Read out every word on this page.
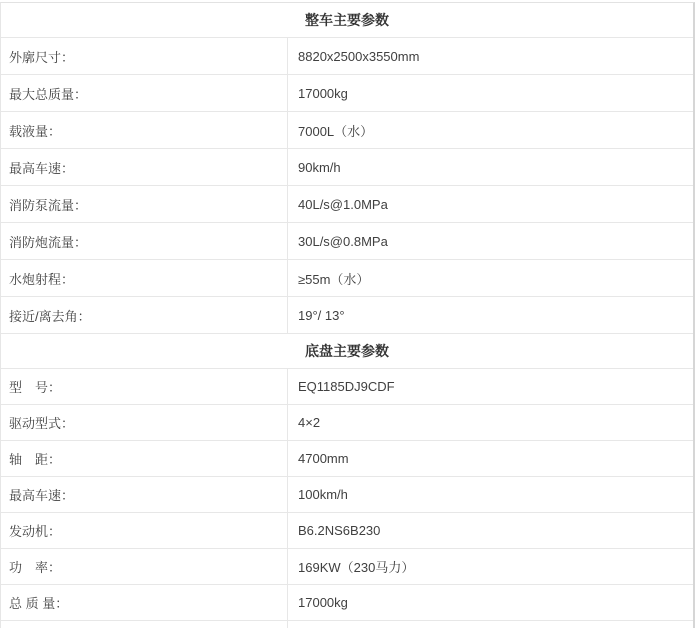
整车主要参数
外廓尺寸：	8820x2500x3550mm
最大总质量：	17000kg
载液量：	7000L（水）
最高车速：	90km/h
消防泵流量：	40L/s@1.0MPa
消防炮流量：	30L/s@0.8MPa
水炮射程：	≥55m（水）
接近/离去角：	19°/ 13°
底盘主要参数
型　号：	EQ1185DJ9CDF
驱动型式：	4×2
轴　距：	4700mm
最高车速：	100km/h
发动机：	B6.2NS6B230
功　率：	169KW（230马力）
总 质 量：	17000kg
